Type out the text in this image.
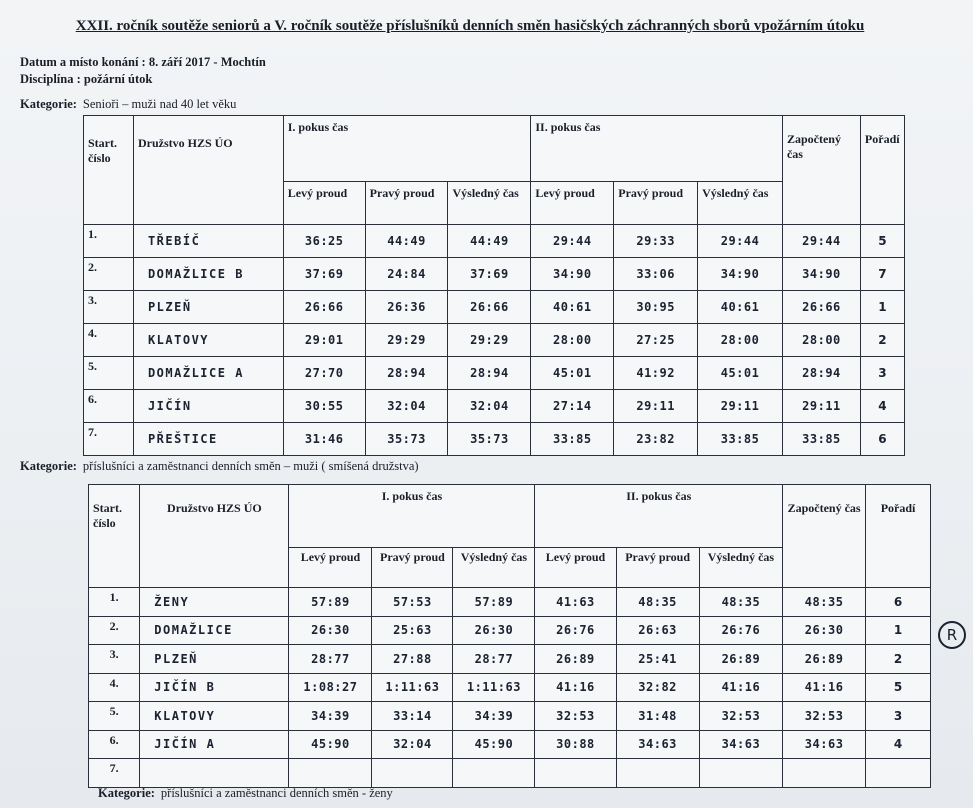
XXII. ročník soutěže seniorů a V. ročník soutěže příslušníků denních směn hasičských záchranných sborů vpožárním útoku
Datum a místo konání : 8. září 2017 - Mochtín
Disciplína : požární útok
Kategorie: Senioři – muži nad 40 let věku
Start. číslo	Družstvo HZS ÚO	I. pokus čas			II. pokus čas			Započtený čas	Pořadí
		Levý proud	Pravý proud	Výsledný čas	Levý proud	Pravý proud	Výsledný čas		
1.	TŘEBÍČ	36:25	44:49	44:49	29:44	29:33	29:44	29:44	5
2.	DOMAŽLICE B	37:69	24:84	37:69	34:90	33:06	34:90	34:90	7
3.	PLZEŇ	26:66	26:36	26:66	40:61	30:95	40:61	26:66	1
4.	KLATOVY	29:01	29:29	29:29	28:00	27:25	28:00	28:00	2
5.	DOMAŽLICE A	27:70	28:94	28:94	45:01	41:92	45:01	28:94	3
6.	JIČÍN	30:55	32:04	32:04	27:14	29:11	29:11	29:11	4
7.	PŘEŠTICE	31:46	35:73	35:73	33:85	23:82	33:85	33:85	6
Kategorie: příslušníci a zaměstnanci denních směn – muži ( smíšená družstva)
Start. číslo	Družstvo HZS ÚO	I. pokus čas			II. pokus čas			Započtený čas	Pořadí
		Levý proud	Pravý proud	Výsledný čas	Levý proud	Pravý proud	Výsledný čas		
1.	ŽENY	57:89	57:53	57:89	41:63	48:35	48:35	48:35	6
2.	DOMAŽLICE	26:30	25:63	26:30	26:76	26:63	26:76	26:30	1
3.	PLZEŇ	28:77	27:88	28:77	26:89	25:41	26:89	26:89	2
4.	JIČÍN B	1:08:27	1:11:63	1:11:63	41:16	32:82	41:16	41:16	5
5.	KLATOVY	34:39	33:14	34:39	32:53	31:48	32:53	32:53	3
6.	JIČÍN A	45:90	32:04	45:90	30:88	34:63	34:63	34:63	4
7.									
Kategorie: příslušníci a zaměstnanci denních směn - ženy
R
